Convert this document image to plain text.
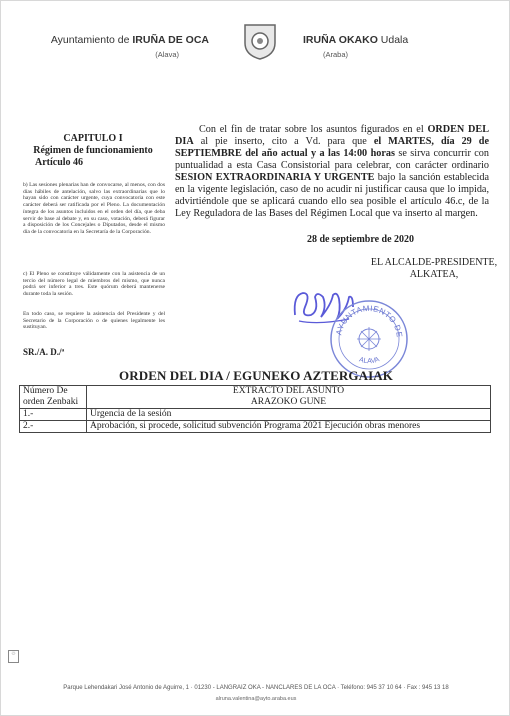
Ayuntamiento de IRUÑA DE OCA
(Alava)
IRUÑA OKAKO Udala
(Araba)
CAPITULO I
Régimen de funcionamiento
Artículo 46
b) Las sesiones plenarias han de convocarse, al menos, con dos días hábiles de antelación, salvo las extraordinarias que lo hayan sido con carácter urgente, cuya convocatoria con este carácter deberá ser ratificada por el Pleno. La documentación íntegra de los asuntos incluidos en el orden del día, que deba servir de base al debate y, en su caso, votación, deberá figurar a disposición de los Concejales o Diputados, desde el mismo día de la convocatoria en la Secretaría de la Corporación.
c) El Pleno se constituye válidamente con la asistencia de un tercio del número legal de miembros del mismo, que nunca podrá ser inferior a tres. Este quórum deberá mantenerse durante toda la sesión.
En todo caso, se requiere la asistencia del Presidente y del Secretario de la Corporación o de quienes legalmente les sustituyan.
SR./A. D./ª
Con el fin de tratar sobre los asuntos figurados en el ORDEN DEL DIA al pie inserto, cito a Vd. para que el MARTES, día 29 de SEPTIEMBRE del año actual y a las 14:00 horas se sirva concurrir con puntualidad a esta Casa Consistorial para celebrar, con carácter ordinario SESION EXTRAORDINARIA Y URGENTE bajo la sanción establecida en la vigente legislación, caso de no acudir ni justificar causa que lo impida, advirtiéndole que se aplicará cuando ello sea posible el artículo 46.c, de la Ley Reguladora de las Bases del Régimen Local que va inserto al margen.
28 de septiembre de 2020
EL ALCALDE-PRESIDENTE,
ALKATEA,
AYUNTAMIENTO DE
ALAVA
ORDEN DEL DIA / EGUNEKO AZTERGAIAK
Número De orden Zenbaki	EXTRACTO DEL ASUNTO
ARAZOKO GUNE

1.-	Urgencia de la sesión
2.-	Aprobación, si procede, solicitud subvención Programa 2021 Ejecución obras menores
♲
Parque Lehendakari José Antonio de Aguirre, 1 · 01230 - LANGRAIZ OKA - NANCLARES DE LA OCA · Teléfono: 945 37 10 64 · Fax : 945 13 18
alruna.valentina@ayto.araba.eus
